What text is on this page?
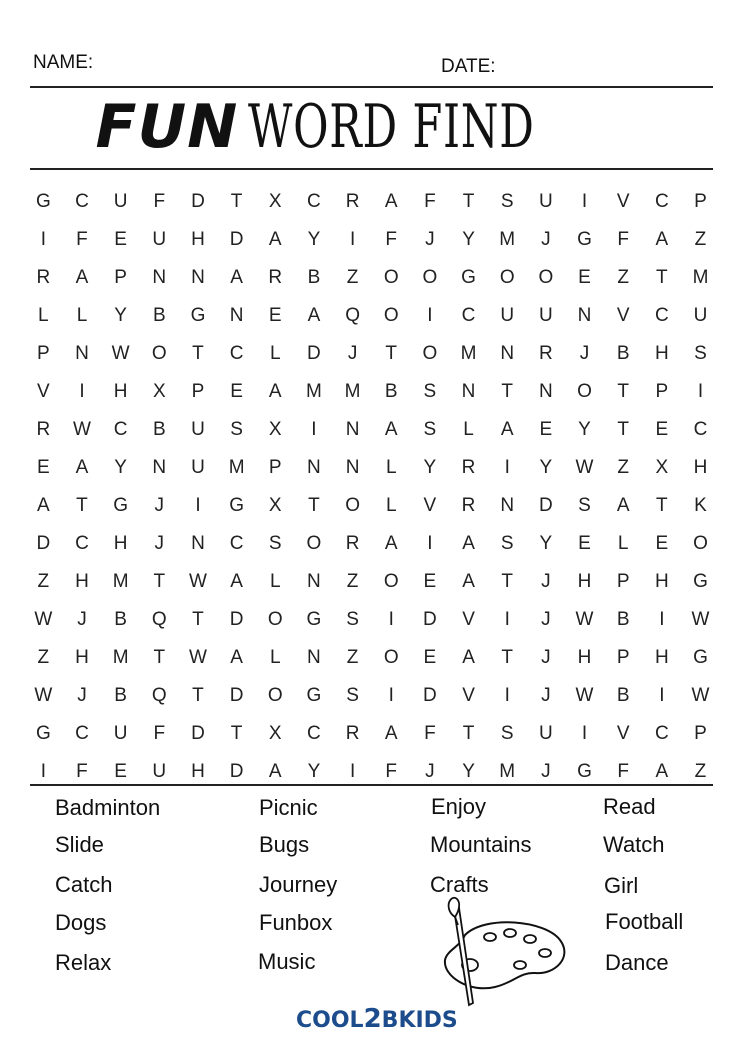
NAME:	DATE:
FUN WORD FIND
G	C	U	F	D	T	X	C	R	A	F	T	S	U	I	V	C	P
I	F	E	U	H	D	A	Y	I	F	J	Y	M	J	G	F	A	Z
R	A	P	N	N	A	R	B	Z	O	O	G	O	O	E	Z	T	M
L	L	Y	B	G	N	E	A	Q	O	I	C	U	U	N	V	C	U
P	N	W	O	T	C	L	D	J	T	O	M	N	R	J	B	H	S
V	I	H	X	P	E	A	M	M	B	S	N	T	N	O	T	P	I
R	W	C	B	U	S	X	I	N	A	S	L	A	E	Y	T	E	C
E	A	Y	N	U	M	P	N	N	L	Y	R	I	Y	W	Z	X	H
A	T	G	J	I	G	X	T	O	L	V	R	N	D	S	A	T	K
D	C	H	J	N	C	S	O	R	A	I	A	S	Y	E	L	E	O
Z	H	M	T	W	A	L	N	Z	O	E	A	T	J	H	P	H	G
W	J	B	Q	T	D	O	G	S	I	D	V	I	J	W	B	I	W
Z	H	M	T	W	A	L	N	Z	O	E	A	T	J	H	P	H	G
W	J	B	Q	T	D	O	G	S	I	D	V	I	J	W	B	I	W
G	C	U	F	D	T	X	C	R	A	F	T	S	U	I	V	C	P
I	F	E	U	H	D	A	Y	I	F	J	Y	M	J	G	F	A	Z
Badminton
Slide
Catch
Dogs
Relax
Picnic
Bugs
Journey
Funbox
Music
Enjoy
Mountains
Crafts
Read
Watch
Girl
Football
Dance
COOL2BKIDS
